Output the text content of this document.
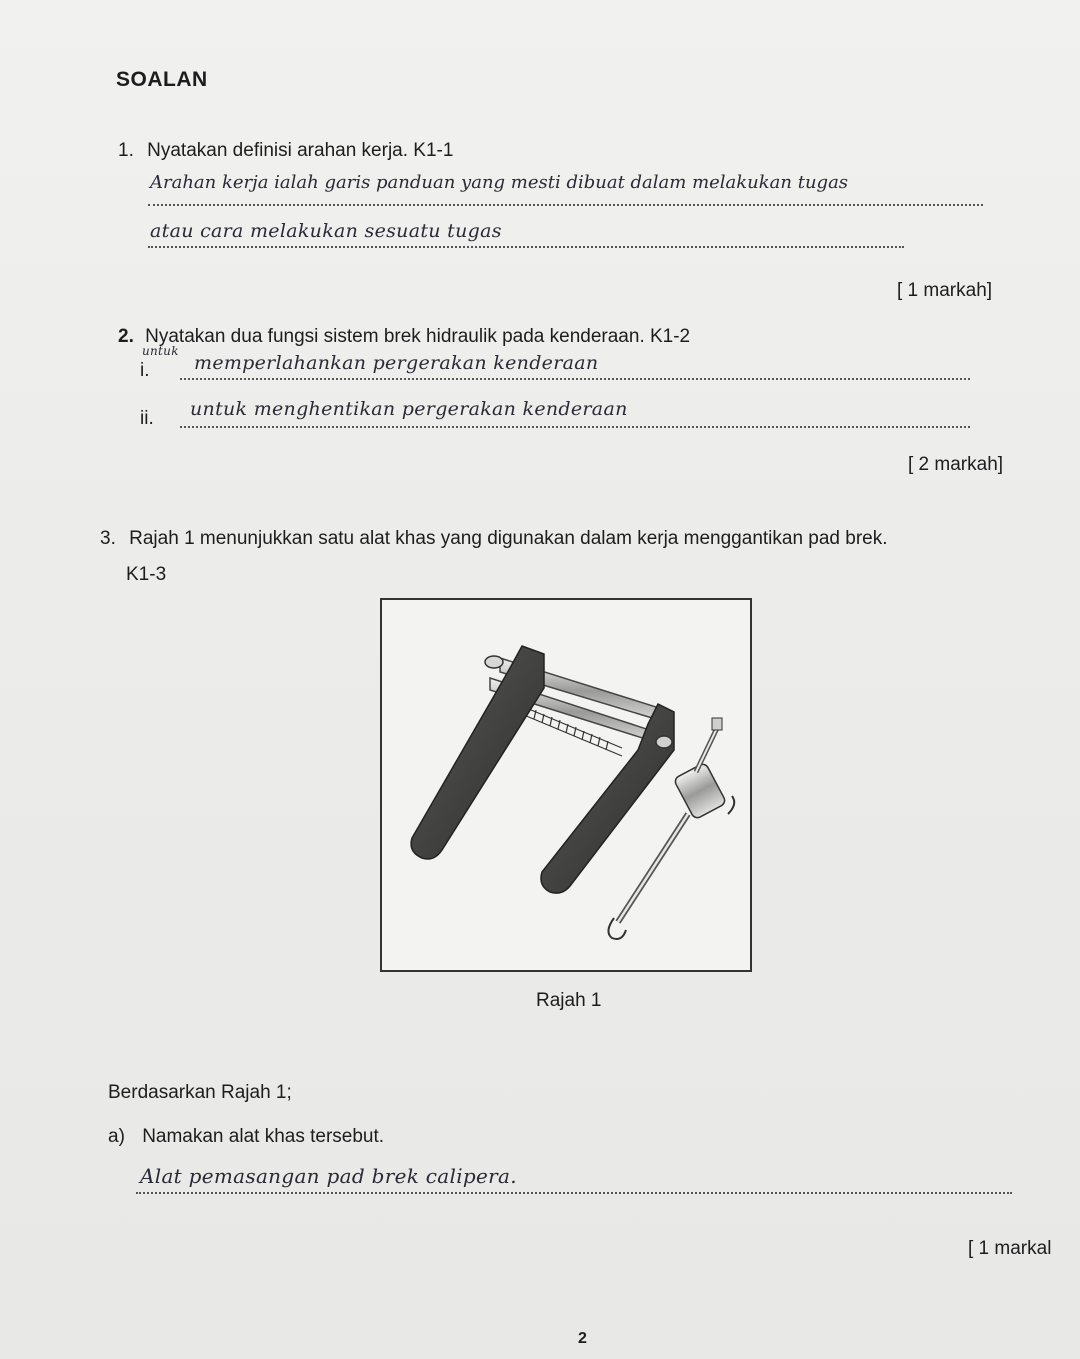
SOALAN
1. Nyatakan definisi arahan kerja. K1-1
Arahan kerja ialah garis panduan yang mesti dibuat dalam melakukan tugas
atau cara melakukan sesuatu tugas
[ 1 markah]
2. Nyatakan dua fungsi sistem brek hidraulik pada kenderaan. K1-2
untuk
i. memperlahankan pergerakan kenderaan
ii. untuk menghentikan pergerakan kenderaan
[ 2 markah]
3. Rajah 1 menunjukkan satu alat khas yang digunakan dalam kerja menggantikan pad brek.
K1-3
Rajah 1
Berdasarkan Rajah 1;
a) Namakan alat khas tersebut.
Alat pemasangan pad brek calipera.
[ 1 markal
2
